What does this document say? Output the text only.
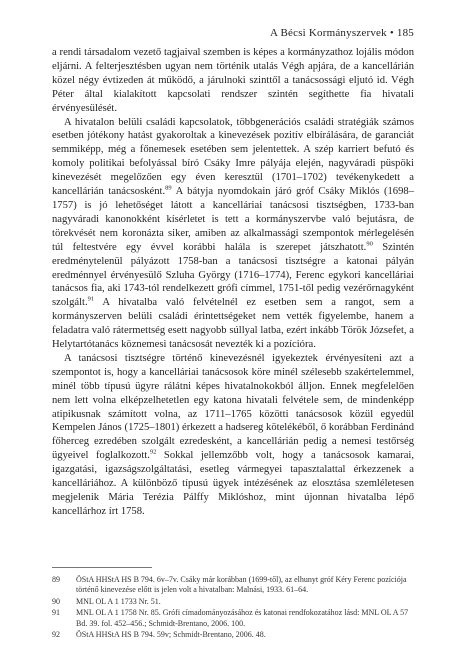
A Bécsi Kormányszervek • 185

a rendi társadalom vezető tagjaival szemben is képes a kormányzathoz lojális módon eljárni. A felterjesztésben ugyan nem történik utalás Végh apjára, de a kancellárián közel négy évtizeden át működő, a járulnoki szinttől a tanácsossági eljutó id. Végh Péter által kialakított kapcsolati rendszer szintén segíthette fia hivatali érvényesülését.

A hivatalon belüli családi kapcsolatok, többgenerációs családi stratégiák számos esetben jótékony hatást gyakoroltak a kinevezések pozitív elbírálására, de garanciát semmiképp, még a főnemesek esetében sem jelentettek. A szép karriert befutó és komoly politikai befolyással bíró Csáky Imre pályája elején, nagyváradi püspöki kinevezését megelőzően egy éven keresztül (1701–1702) tevékenykedett a kancellárián tanácsosként.$^{89}$ A bátyja nyomdokain járó gróf Csáky Miklós (1698–1757) is jó lehetőséget látott a kancelláriai tanácsosi tisztségben, 1733-ban nagyváradi kanonokként kísérletet is tett a kormányszervbe való bejutásra, de törekvését nem koronázta siker, amiben az alkalmassági szempontok mérlegelésén túl feltestvére egy évvel korábbi halála is szerepet játszhatott.$^{90}$ Szintén eredménytelenül pályázott 1758-ban a tanácsosi tisztségre a katonai pályán eredménnyel érvényesülő Szluha György (1716–1774), Ferenc egykori kancelláriai tanácsos fia, aki 1743-tól rendelkezett grófi címmel, 1751-től pedig vezérőrnagyként szolgált.$^{91}$ A hivatalba való felvételnél ez esetben sem a rangot, sem a kormányszerven belüli családi érintettségeket nem vették figyelembe, hanem a feladatra való rátermettség esett nagyobb súllyal latba, ezért inkább Török Józsefet, a Helytartótanács köznemesi tanácsosát nevezték ki a pozícióra.

A tanácsosi tisztségre történő kinevezésnél igyekeztek érvényesíteni azt a szempontot is, hogy a kancelláriai tanácsosok köre minél szélesebb szakértelemmel, minél több típusú ügyre rálátni képes hivatalnokokból álljon. Ennek megfelelően nem lett volna elképzelhetetlen egy katona hivatali felvétele sem, de mindenképp atipikusnak számított volna, az 1711–1765 közötti tanácsosok közül egyedül Kempelen János (1725–1801) érkezett a hadsereg kötelékéből, ő korábban Ferdinánd főherceg ezredében szolgált ezredesként, a kancellárián pedig a nemesi testőrség ügyeivel foglalkozott.$^{92}$ Sokkal jellemzőbb volt, hogy a tanácsosok kamarai, igazgatási, igazságszolgáltatási, esetleg vármegyei tapasztalattal érkezzenek a kancelláriához. A különböző típusú ügyek intézésének az elosztása szemléletesen megjelenik Mária Terézia Pálffy Miklóshoz, mint újonnan hivatalba lépő kancellárhoz írt 1758.

89 ÖStA HHStA HS B 794. 6v–7v. Csáky már korábban (1699-től), az elhunyt gróf Kéry Ferenc pozíciója történő kinevezése előtt is jelen volt a hivatalban: Malnási, 1933. 61–64.
90 MNL OL A 1 1733 Nr. 51.
91 MNL OL A 1 1758 Nr. 85. Grófi címadományozásához és katonai rendfokozatához lásd: MNL OL A 57 Bd. 39. fol. 452–456.; Schmidt-Brentano, 2006. 100.
92 ÖStA HHStA HS B 794. 59v; Schmidt-Brentano, 2006. 48.
